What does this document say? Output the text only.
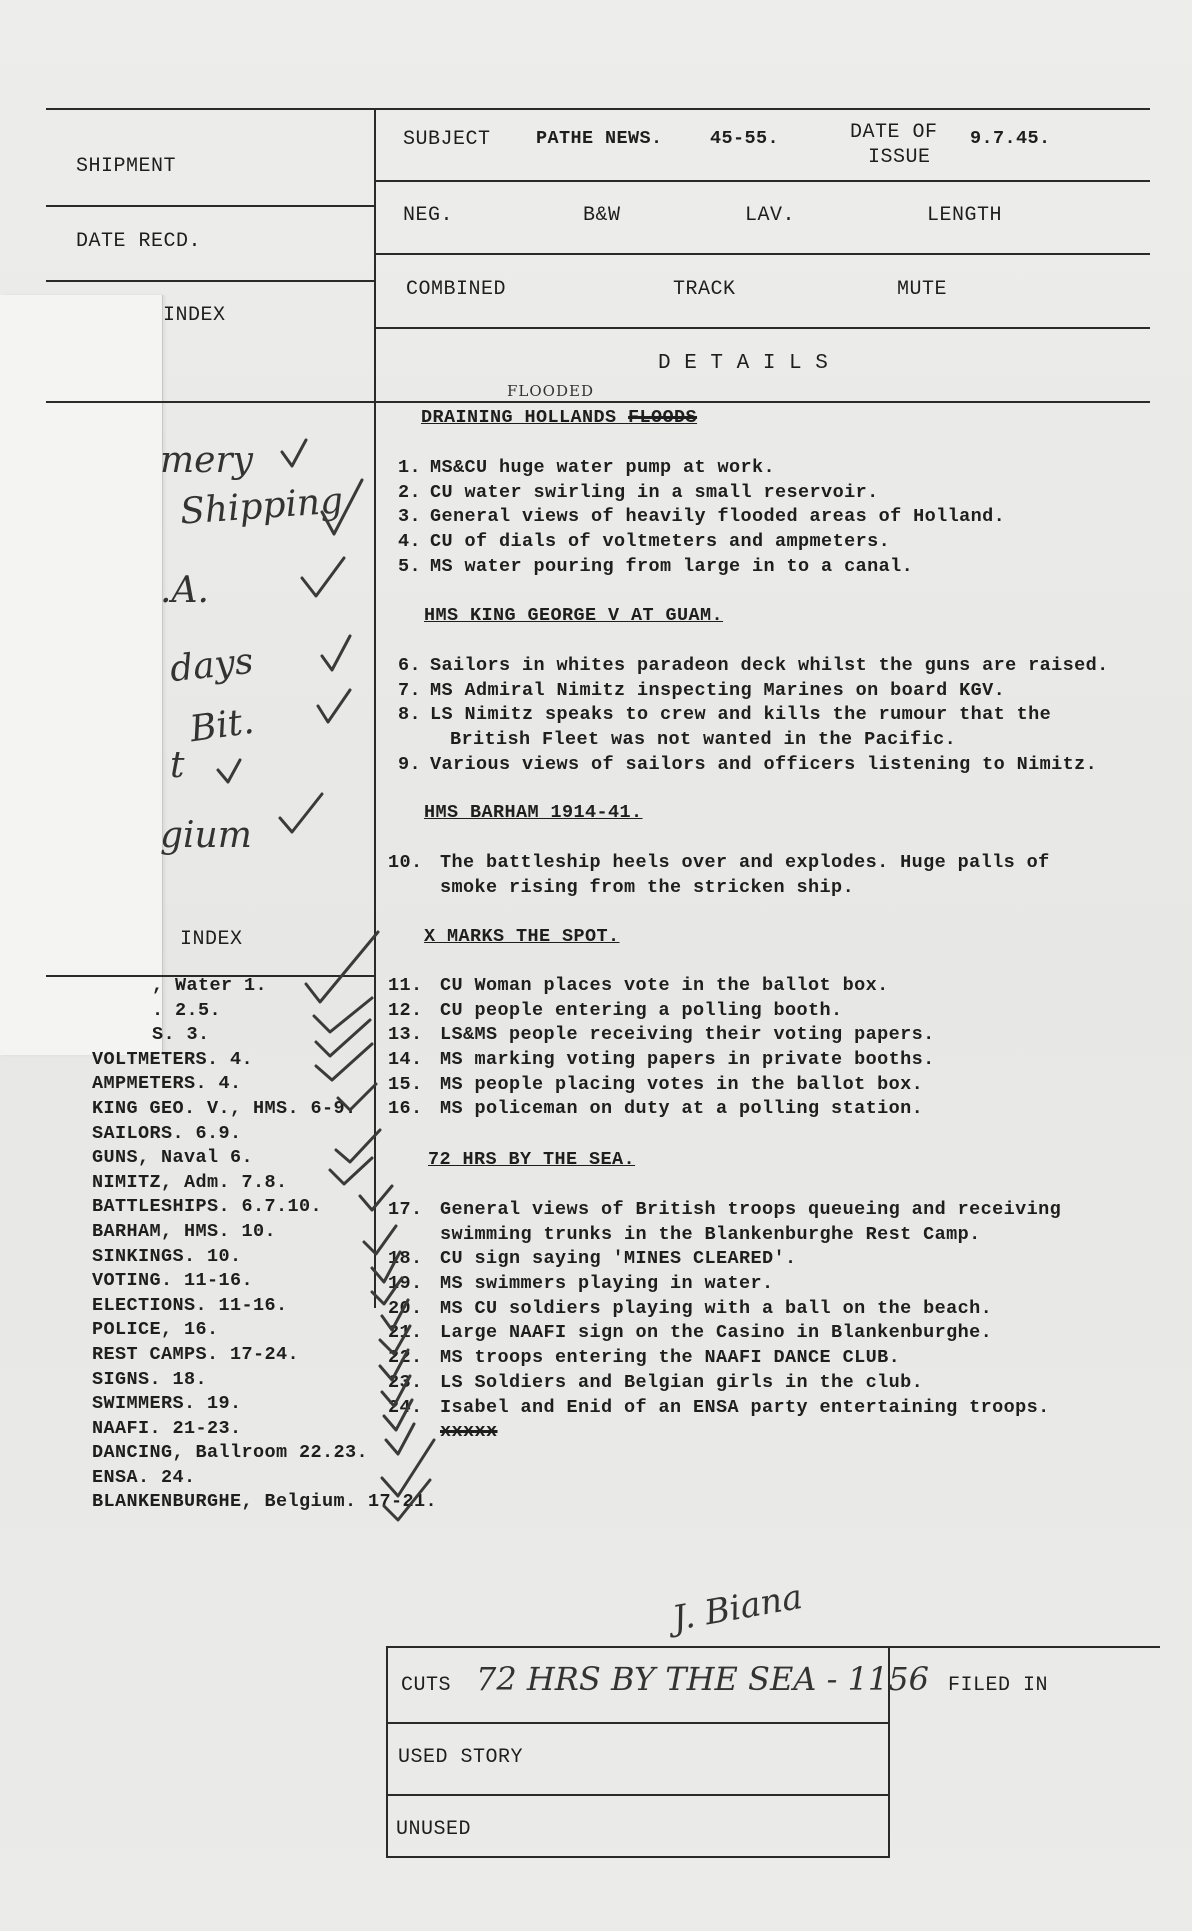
SHIPMENT
SUBJECT PATHE NEWS.	45-55.	DATE OF
ISSUE
9.7.45.
DATE RECD.
NEG.	B&W	LAV.	LENGTH
INDEX
COMBINED	TRACK	MUTE
D E T A I L S
FLOODED
DRAINING HOLLANDS FLOODS
1. MS&CU huge water pump at work.
2. CU water swirling in a small reservoir.
3. General views of heavily flooded areas of Holland.
4. CU of dials of voltmeters and ampmeters.
5. MS water pouring from large in to a canal.
HMS KING GEORGE V AT GUAM.
6. Sailors in whites paradeon deck whilst the guns are raised.
7. MS Admiral Nimitz inspecting Marines on board KGV.
8. LS Nimitz speaks to crew and kills the rumour that the
British Fleet was not wanted in the Pacific.
9. Various views of sailors and officers listening to Nimitz.
HMS BARHAM 1914-41.
10. The battleship heels over and explodes. Huge palls of
smoke rising from the stricken ship.
X MARKS THE SPOT.
11. CU Woman places vote in the ballot box.
12. CU people entering a polling booth.
13. LS&MS people receiving their voting papers.
14. MS marking voting papers in private booths.
15. MS people placing votes in the ballot box.
16. MS policeman on duty at a polling station.
72 HRS BY THE SEA.
17. General views of British troops queueing and receiving
swimming trunks in the Blankenburghe Rest Camp.
18. CU sign saying 'MINES CLEARED'.
19. MS swimmers playing in water.
20. MS CU soldiers playing with a ball on the beach.
21. Large NAAFI sign on the Casino in Blankenburghe.
22. MS troops entering the NAAFI DANCE CLUB.
23. LS Soldiers and Belgian girls in the club.
24. Isabel and Enid of an ENSA party entertaining troops.
xxxxx
INDEX
, Water 1.
. 2.5.
S. 3.
VOLTMETERS. 4.
AMPMETERS. 4.
KING GEO. V., HMS. 6-9.
SAILORS. 6.9.
GUNS, Naval 6.
NIMITZ, Adm. 7.8.
BATTLESHIPS. 6.7.10.
BARHAM, HMS. 10.
SINKINGS. 10.
VOTING. 11-16.
ELECTIONS. 11-16.
POLICE, 16.
REST CAMPS. 17-24.
SIGNS. 18.
SWIMMERS. 19.
NAAFI. 21-23.
DANCING, Ballroom 22.23.
ENSA. 24.
BLANKENBURGHE, Belgium. 17-21.
mery
Shipping
.A.
days
Bit.
t
gium
CUTS 72 HRS BY THE SEA - 1156
J. Biana
FILED IN
USED STORY
UNUSED
